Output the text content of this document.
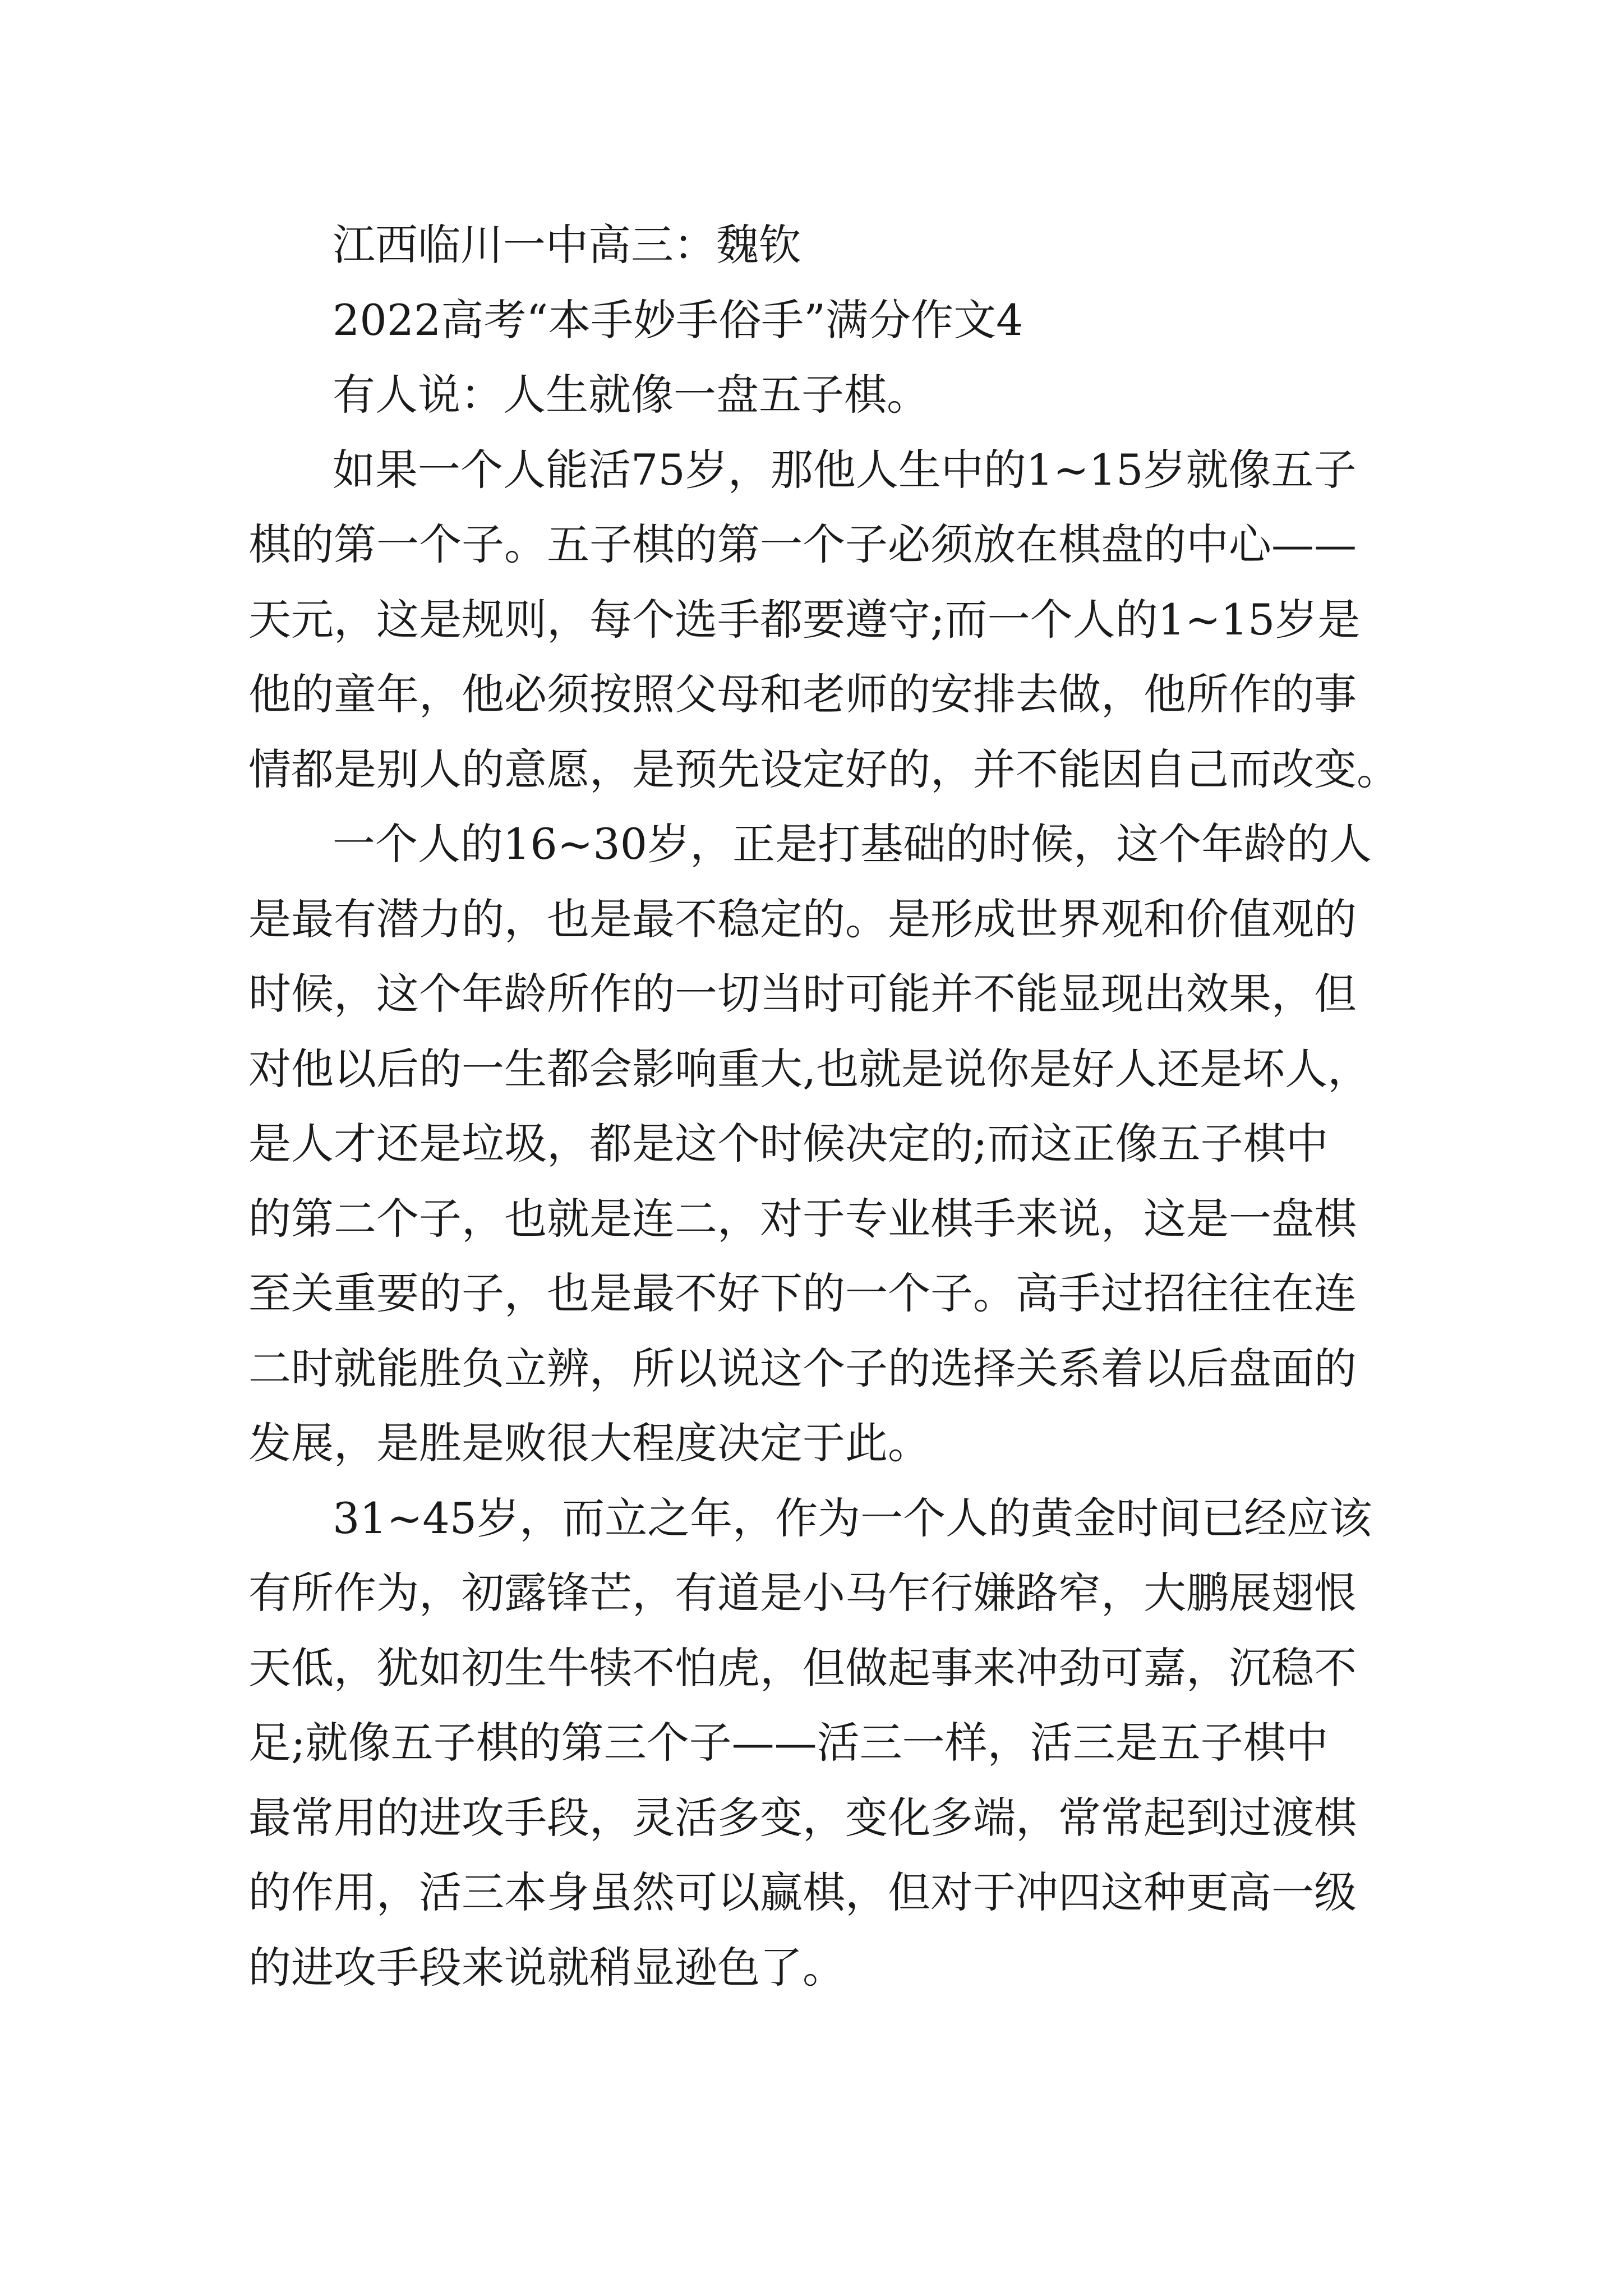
江西临川一中高三：魏钦
2022高考“本手妙手俗手”满分作文4
有人说：人生就像一盘五子棋。
如果一个人能活75岁，那他人生中的1~15岁就像五子
棋的第一个子。五子棋的第一个子必须放在棋盘的中心——
天元，这是规则，每个选手都要遵守;而一个人的1~15岁是
他的童年，他必须按照父母和老师的安排去做，他所作的事
情都是别人的意愿，是预先设定好的，并不能因自己而改变。
一个人的16~30岁，正是打基础的时候，这个年龄的人
是最有潜力的，也是最不稳定的。是形成世界观和价值观的
时候，这个年龄所作的一切当时可能并不能显现出效果，但
对他以后的一生都会影响重大,也就是说你是好人还是坏人，
是人才还是垃圾，都是这个时候决定的;而这正像五子棋中
的第二个子，也就是连二，对于专业棋手来说，这是一盘棋
至关重要的子，也是最不好下的一个子。高手过招往往在连
二时就能胜负立辨，所以说这个子的选择关系着以后盘面的
发展，是胜是败很大程度决定于此。
31~45岁，而立之年，作为一个人的黄金时间已经应该
有所作为，初露锋芒，有道是小马乍行嫌路窄，大鹏展翅恨
天低，犹如初生牛犊不怕虎，但做起事来冲劲可嘉，沉稳不
足;就像五子棋的第三个子——活三一样，活三是五子棋中
最常用的进攻手段，灵活多变，变化多端，常常起到过渡棋
的作用，活三本身虽然可以赢棋，但对于冲四这种更高一级
的进攻手段来说就稍显逊色了。
